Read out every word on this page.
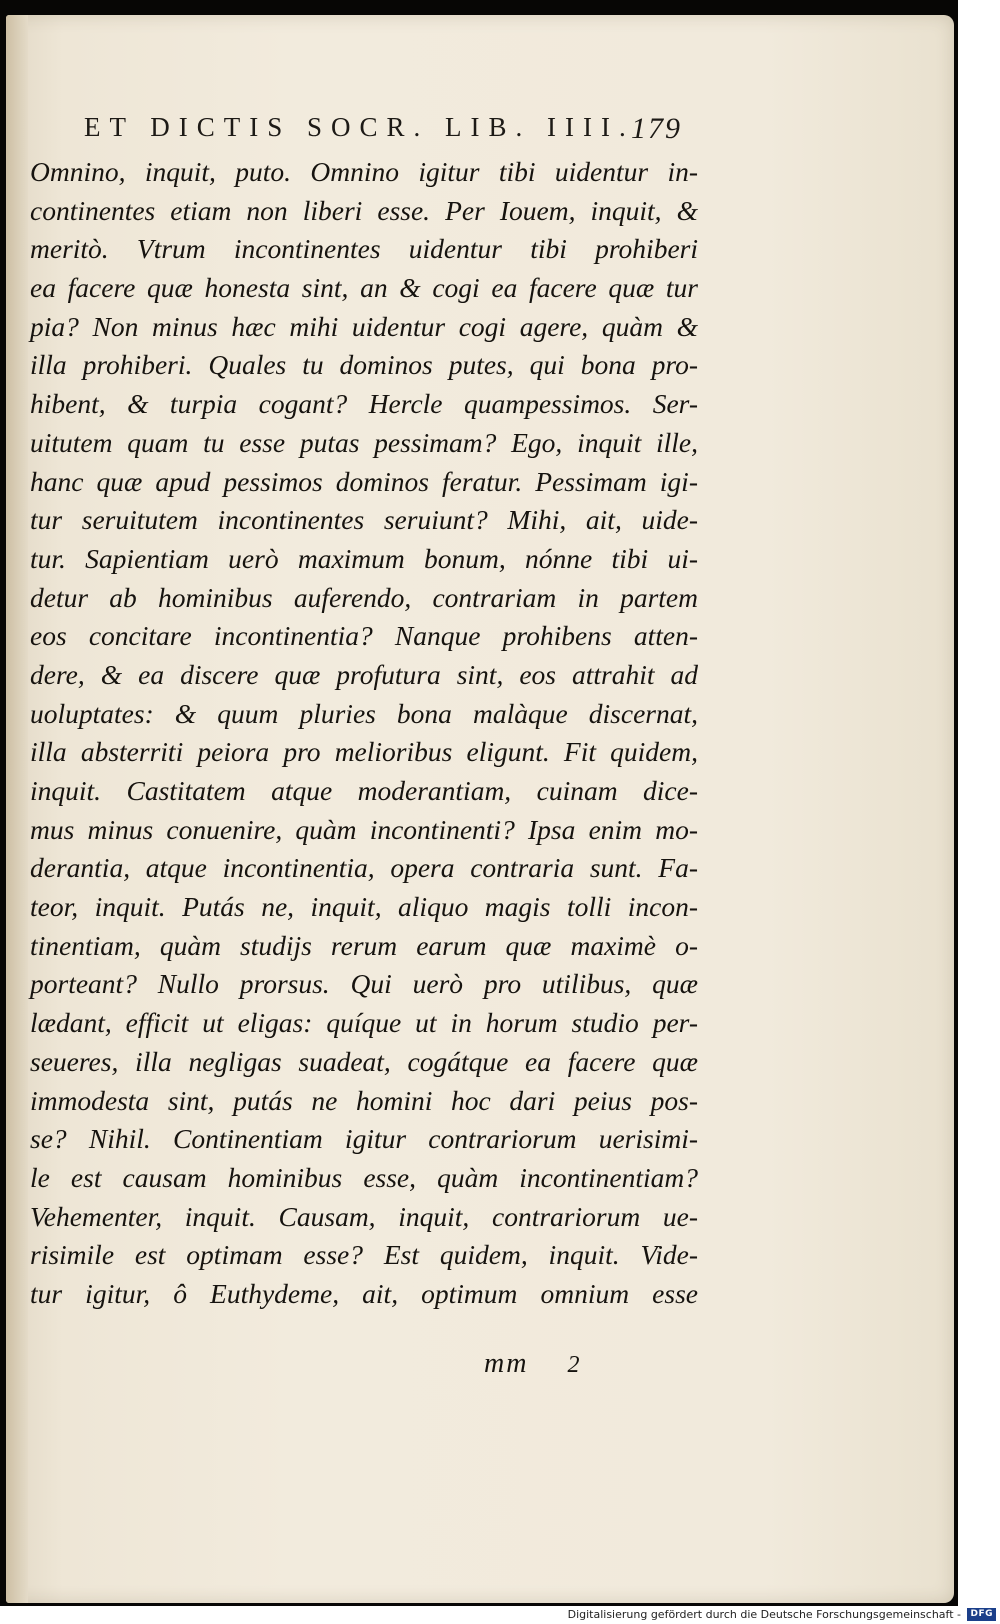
ET DICTIS SOCR. LIB. IIII.
179
Omnino, inquit, puto. Omnino igitur tibi uidentur in-
continentes etiam non liberi esse. Per Iouem, inquit, &
meritò. Vtrum incontinentes uidentur tibi prohiberi
ea facere quæ honesta sint, an & cogi ea facere quæ tur
pia? Non minus hæc mihi uidentur cogi agere, quàm &
illa prohiberi. Quales tu dominos putes, qui bona pro-
hibent, & turpia cogant? Hercle quampessimos. Ser-
uitutem quam tu esse putas pessimam? Ego, inquit ille,
hanc quæ apud pessimos dominos feratur. Pessimam igi-
tur seruitutem incontinentes seruiunt? Mihi, ait, uide-
tur. Sapientiam uerò maximum bonum, nónne tibi ui-
detur ab hominibus auferendo, contrariam in partem
eos concitare incontinentia? Nanque prohibens atten-
dere, & ea discere quæ profutura sint, eos attrahit ad
uoluptates: & quum pluries bona malàque discernat,
illa absterriti peiora pro melioribus eligunt. Fit quidem,
inquit. Castitatem atque moderantiam, cuinam dice-
mus minus conuenire, quàm incontinenti? Ipsa enim mo-
derantia, atque incontinentia, opera contraria sunt. Fa-
teor, inquit. Putás ne, inquit, aliquo magis tolli incon-
tinentiam, quàm studijs rerum earum quæ maximè o-
porteant? Nullo prorsus. Qui uerò pro utilibus, quæ
lædant, efficit ut eligas: quíque ut in horum studio per-
seueres, illa negligas suadeat, cogátque ea facere quæ
immodesta sint, putás ne homini hoc dari peius pos-
se? Nihil. Continentiam igitur contrariorum uerisimi-
le est causam hominibus esse, quàm incontinentiam?
Vehementer, inquit. Causam, inquit, contrariorum ue-
risimile est optimam esse? Est quidem, inquit. Vide-
tur igitur, ô Euthydeme, ait, optimum omnium esse
mm 2
Digitalisierung gefördert durch die Deutsche Forschungsgemeinschaft - DFG
